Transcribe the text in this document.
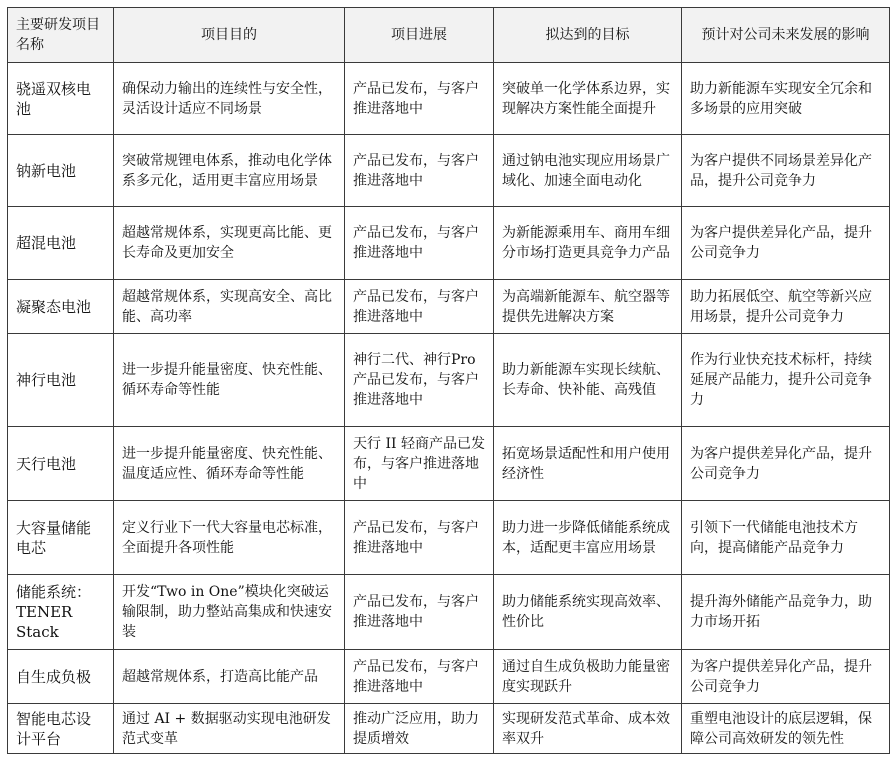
主要研发项目名称	项目目的	项目进展	拟达到的目标	预计对公司未来发展的影响
骁遥双核电池	确保动力输出的连续性与安全性，灵活设计适应不同场景	产品已发布，与客户推进落地中	突破单一化学体系边界，实现解决方案性能全面提升	助力新能源车实现安全冗余和多场景的应用突破
钠新电池	突破常规锂电体系，推动电化学体系多元化，适用更丰富应用场景	产品已发布，与客户推进落地中	通过钠电池实现应用场景广域化、加速全面电动化	为客户提供不同场景差异化产品，提升公司竞争力
超混电池	超越常规体系，实现更高比能、更长寿命及更加安全	产品已发布，与客户推进落地中	为新能源乘用车、商用车细分市场打造更具竞争力产品	为客户提供差异化产品，提升公司竞争力
凝聚态电池	超越常规体系，实现高安全、高比能、高功率	产品已发布，与客户推进落地中	为高端新能源车、航空器等提供先进解决方案	助力拓展低空、航空等新兴应用场景，提升公司竞争力
神行电池	进一步提升能量密度、快充性能、循环寿命等性能	神行二代、神行Pro产品已发布，与客户推进落地中	助力新能源车实现长续航、长寿命、快补能、高残值	作为行业快充技术标杆，持续延展产品能力，提升公司竞争力
天行电池	进一步提升能量密度、快充性能、温度适应性、循环寿命等性能	天行 II 轻商产品已发布，与客户推进落地中	拓宽场景适配性和用户使用经济性	为客户提供差异化产品，提升公司竞争力
大容量储能电芯	定义行业下一代大容量电芯标准，全面提升各项性能	产品已发布，与客户推进落地中	助力进一步降低储能系统成本，适配更丰富应用场景	引领下一代储能电池技术方向，提高储能产品竞争力
储能系统：TENER Stack	开发“Two in One”模块化突破运输限制，助力整站高集成和快速安装	产品已发布，与客户推进落地中	助力储能系统实现高效率、性价比	提升海外储能产品竞争力，助力市场开拓
自生成负极	超越常规体系，打造高比能产品	产品已发布，与客户推进落地中	通过自生成负极助力能量密度实现跃升	为客户提供差异化产品，提升公司竞争力
智能电芯设计平台	通过 AI + 数据驱动实现电池研发范式变革	推动广泛应用，助力提质增效	实现研发范式革命、成本效率双升	重塑电池设计的底层逻辑，保障公司高效研发的领先性
